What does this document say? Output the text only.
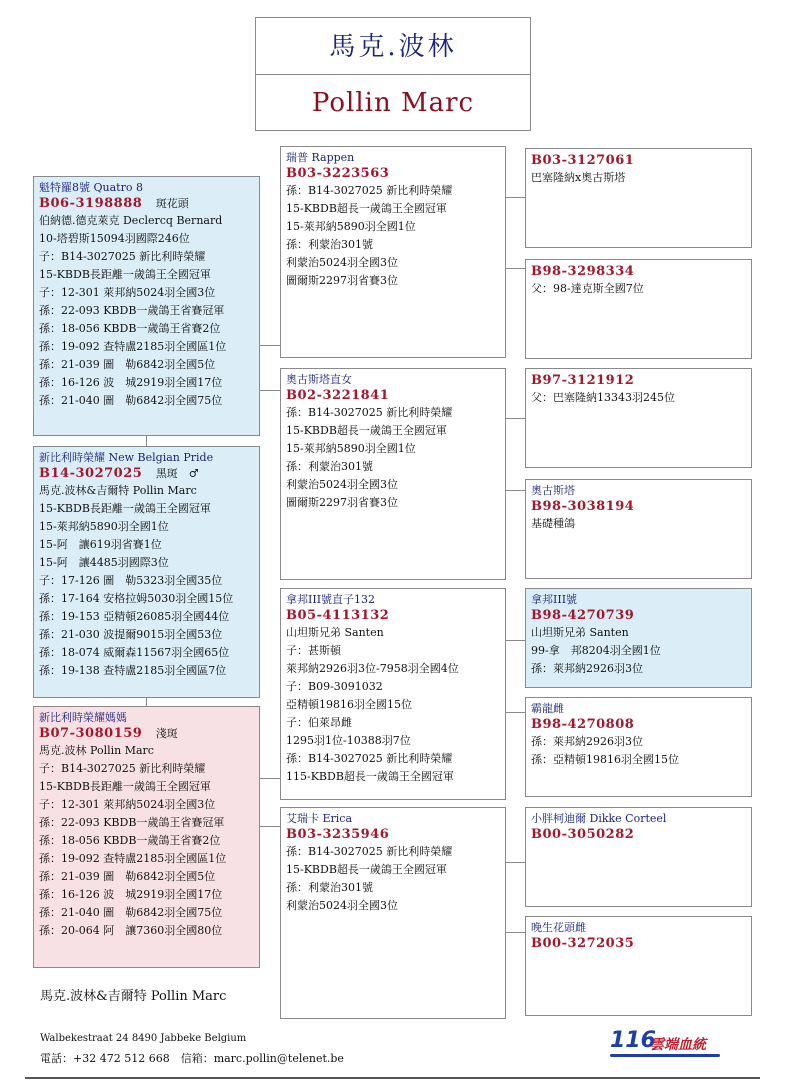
馬克.波林
Pollin Marc
魁特羅8號 Quatro 8
B06-3198888　 斑花頭
伯納德.德克萊克 Declercq Bernard
10-塔碧斯15094羽國際246位
子：B14-3027025 新比利時榮耀
15-KBDB長距離一歲鴿王全國冠軍
子：12-301 萊邦納5024羽全國3位
孫：22-093 KBDB一歲鴿王省賽冠軍
孫：18-056 KBDB一歲鴿王省賽2位
孫：19-092 查特盧2185羽全國區1位
孫：21-039 圖　勒6842羽全國5位
孫：16-126 波　城2919羽全國17位
孫：21-040 圖　勒6842羽全國75位
新比利時榮耀 New Belgian Pride
B14-3027025　 黑斑　♂
馬克.波林&吉爾特 Pollin Marc
15-KBDB長距離一歲鴿王全國冠軍
15-萊邦納5890羽全國1位
15-阿　讓619羽省賽1位
15-阿　讓4485羽國際3位
子：17-126 圖　勒5323羽全國35位
孫：17-164 安格拉姆5030羽全國15位
孫：19-153 亞精頓26085羽全國44位
孫：21-030 波提爾9015羽全國53位
孫：18-074 威爾森11567羽全國65位
孫：19-138 查特盧2185羽全國區7位
新比利時榮耀媽媽
B07-3080159　 淺斑
馬克.波林 Pollin Marc
子：B14-3027025 新比利時榮耀
15-KBDB長距離一歲鴿王全國冠軍
子：12-301 萊邦納5024羽全國3位
孫：22-093 KBDB一歲鴿王省賽冠軍
孫：18-056 KBDB一歲鴿王省賽2位
孫：19-092 查特盧2185羽全國區1位
孫：21-039 圖　勒6842羽全國5位
孫：16-126 波　城2919羽全國17位
孫：21-040 圖　勒6842羽全國75位
孫：20-064 阿　讓7360羽全國80位
瑞普 Rappen
B03-3223563
孫：B14-3027025 新比利時榮耀
15-KBDB超長一歲鴿王全國冠軍
15-萊邦納5890羽全國1位
孫：利蒙治301號
利蒙治5024羽全國3位
圖爾斯2297羽省賽3位
奧古斯塔直女
B02-3221841
孫：B14-3027025 新比利時榮耀
15-KBDB超長一歲鴿王全國冠軍
15-萊邦納5890羽全國1位
孫：利蒙治301號
利蒙治5024羽全國3位
圖爾斯2297羽省賽3位
拿邦III號直子132
B05-4113132
山坦斯兄弟 Santen
子：甚斯頓
萊邦納2926羽3位-7958羽全國4位
子：B09-3091032
亞精頓19816羽全國15位
子：伯萊昂雌
1295羽1位-10388羽7位
孫：B14-3027025 新比利時榮耀
115-KBDB超長一歲鴿王全國冠軍
艾瑞卡 Erica
B03-3235946
孫：B14-3027025 新比利時榮耀
15-KBDB超長一歲鴿王全國冠軍
孫：利蒙治301號
利蒙治5024羽全國3位
B03-3127061
巴塞隆納x奧古斯塔
B98-3298334
父：98-達克斯全國7位
B97-3121912
父：巴塞隆納13343羽245位
奧古斯塔
B98-3038194
基礎種鴿
拿邦III號
B98-4270739
山坦斯兄弟 Santen
99-拿　邦8204羽全國1位
孫：萊邦納2926羽3位
霸龍雌
B98-4270808
孫：萊邦納2926羽3位
孫：亞精頓19816羽全國15位
小胖柯迪爾 Dikke Corteel
B00-3050282
晚生花頭雌
B00-3272035
馬克.波林&吉爾特 Pollin Marc
Walbekestraat 24 8490 Jabbeke Belgium
電話：+32 472 512 668　信箱：marc.pollin@telenet.be
116
雲端血統
